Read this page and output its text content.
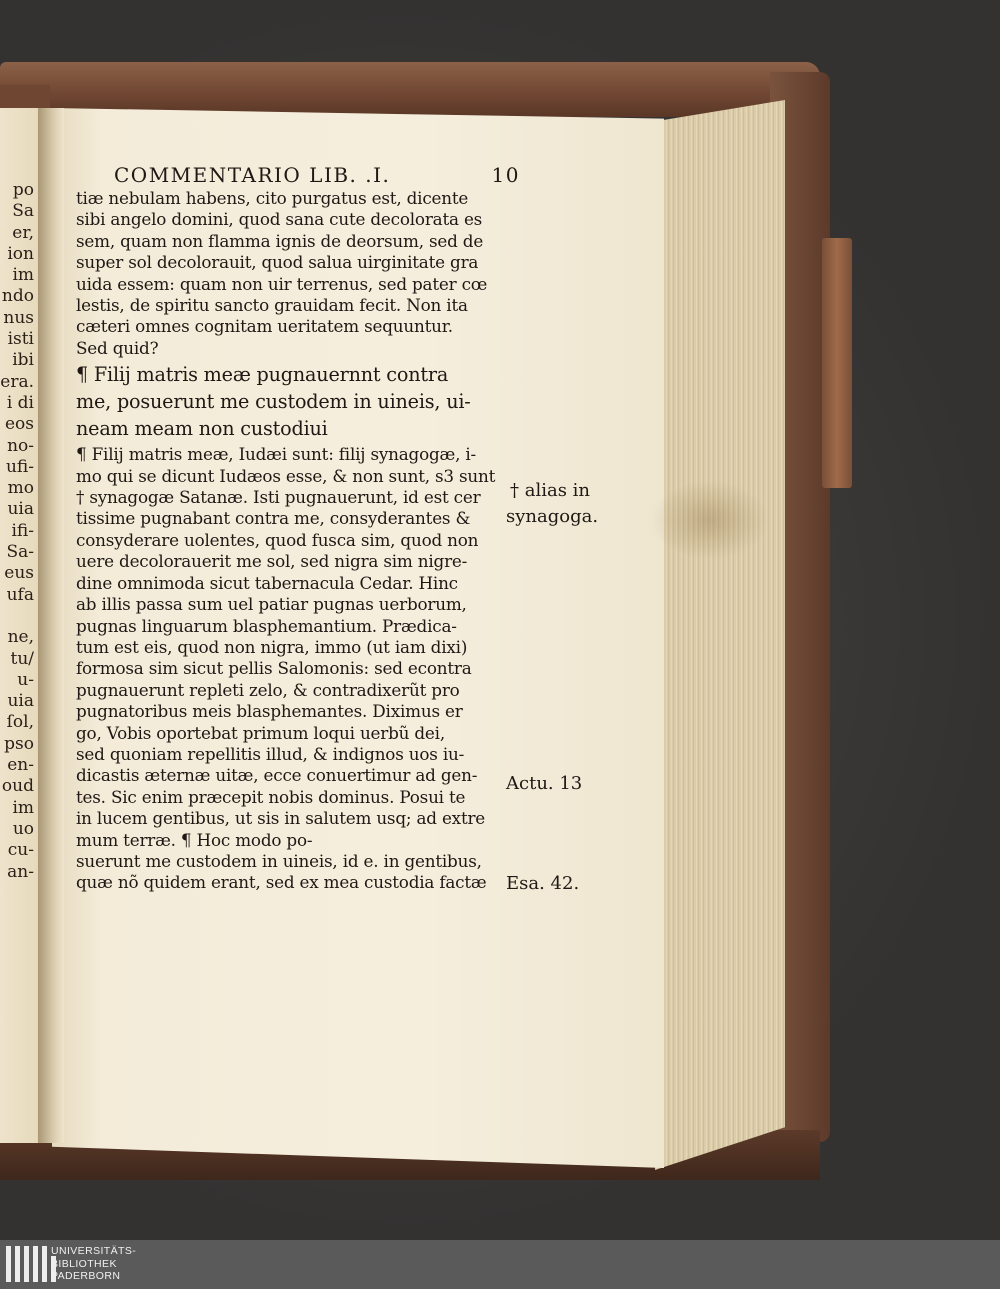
po
Sa
er,
ion
im
ndo
nus
isti
ibi
era.
i di
eos
no-
ufi-
mo
uia
ifi-
Sa-
eus
ufa
ne,
tu/
u-
uia
ſol,
pso
en-
oud
im
uo
cu-
an-
COMMENTARIO LIB. .I.	10
tiæ nebulam habens, cito purgatus est, dicente
sibi angelo domini, quod sana cute decolorata es
sem, quam non flamma ignis de deorsum, sed de
super sol decolorauit, quod salua uirginitate gra
uida essem: quam non uir terrenus, sed pater cœ
lestis, de spiritu sancto grauidam fecit. Non ita
cæteri omnes cognitam ueritatem sequuntur.
Sed quid?
¶ Filij matris meæ pugnauernnt contra
me, posuerunt me custodem in uineis, ui-
neam meam non custodiui
¶ Filij matris meæ, Iudæi sunt: filij synagogæ, i-
mo qui se dicunt Iudæos esse, & non sunt, s3 sunt
† synagogæ Satanæ. Isti pugnauerunt, id est cer
tissime pugnabant contra me, consyderantes &
consyderare uolentes, quod fusca sim, quod non
uere decolorauerit me sol, sed nigra sim nigre-
dine omnimoda sicut tabernacula Cedar. Hinc
ab illis passa sum uel patiar pugnas uerborum,
pugnas linguarum blasphemantium. Prædica-
tum est eis, quod non nigra, immo (ut iam dixi)
formosa sim sicut pellis Salomonis: sed econtra
pugnauerunt repleti zelo, & contradixerũt pro
pugnatoribus meis blasphemantes. Diximus er
go, Vobis oportebat primum loqui uerbũ dei,
sed quoniam repellitis illud, & indignos uos iu-
dicastis æternæ uitæ, ecce conuertimur ad gen-
tes. Sic enim præcepit nobis dominus. Posui te
in lucem gentibus, ut sis in salutem usq; ad extre
mum terræ. ¶ Hoc modo po-
suerunt me custodem in uineis, id e. in gentibus,
quæ nõ quidem erant, sed ex mea custodia factæ
† alias in
synagoga.
Actu. 13
Esa. 42.
UNIVERSITÄTS-
BIBLIOTHEK
PADERBORN
